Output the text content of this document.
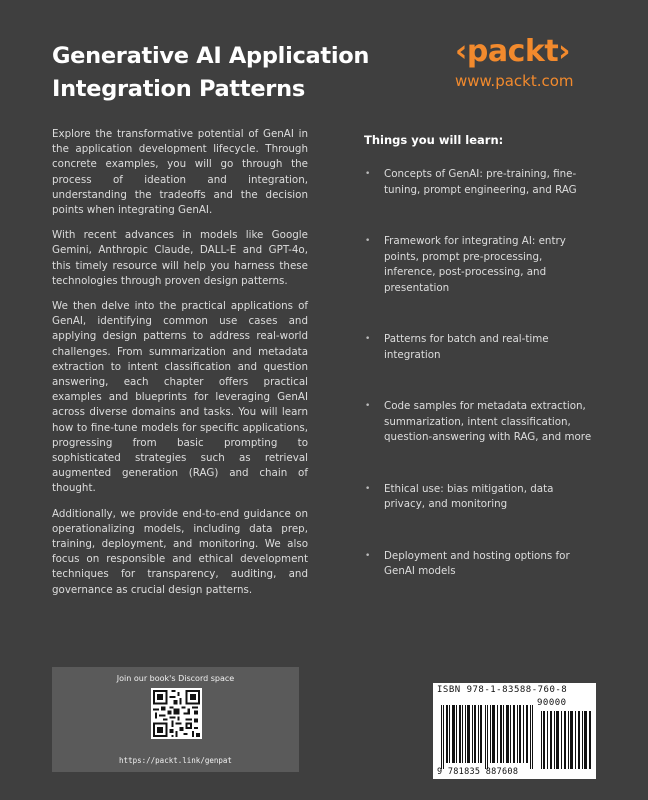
Generative AI Application
Integration Patterns
‹packt›
www.packt.com

Explore the transformative potential of GenAI in the application development lifecycle. Through concrete examples, you will go through the process of ideation and integration, understanding the tradeoffs and the decision points when integrating GenAI.

With recent advances in models like Google Gemini, Anthropic Claude, DALL-E and GPT-4o, this timely resource will help you harness these technologies through proven design patterns.

We then delve into the practical applications of GenAI, identifying common use cases and applying design patterns to address real-world challenges. From summarization and metadata extraction to intent classification and question answering, each chapter offers practical examples and blueprints for leveraging GenAI across diverse domains and tasks. You will learn how to fine-tune models for specific applications, progressing from basic prompting to sophisticated strategies such as retrieval augmented generation (RAG) and chain of thought.

Additionally, we provide end-to-end guidance on operationalizing models, including data prep, training, deployment, and monitoring. We also focus on responsible and ethical development techniques for transparency, auditing, and governance as crucial design patterns.

Things you will learn:
• Concepts of GenAI: pre-training, fine-tuning, prompt engineering, and RAG
• Framework for integrating AI: entry points, prompt pre-processing, inference, post-processing, and presentation
• Patterns for batch and real-time integration
• Code samples for metadata extraction, summarization, intent classification, question-answering with RAG, and more
• Ethical use: bias mitigation, data privacy, and monitoring
• Deployment and hosting options for GenAI models
Join our book's Discord space
https://packt.link/genpat
ISBN 978-1-83588-760-8
90000
9 781835 887608
